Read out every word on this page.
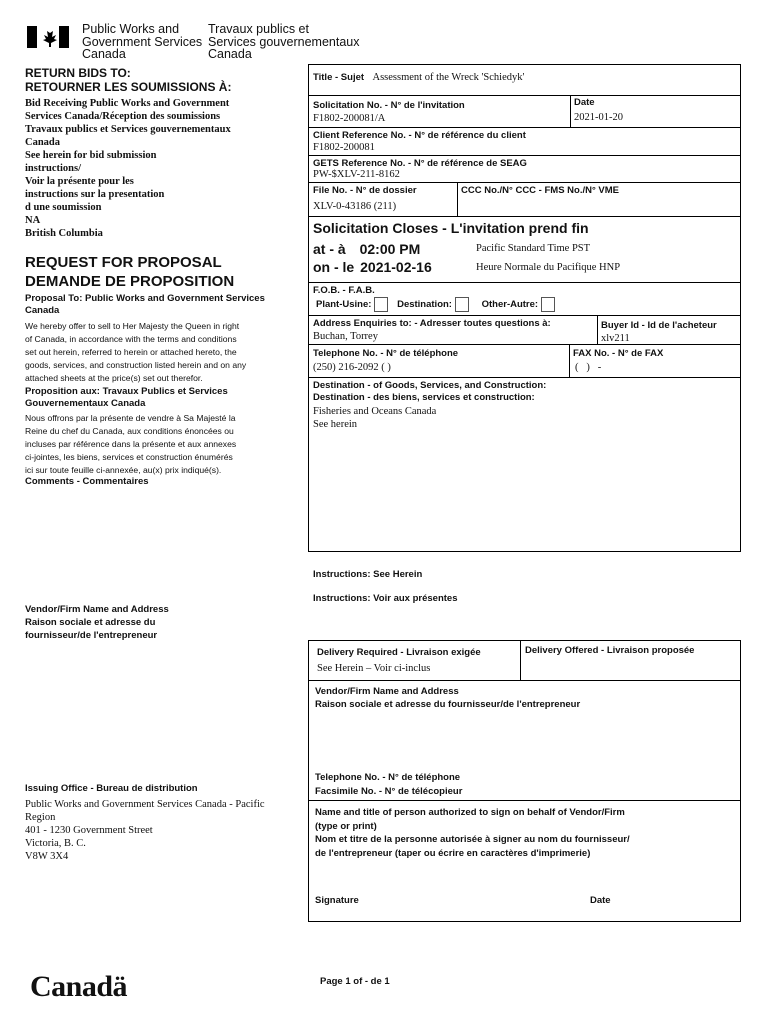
Public Works and
Government Services
Canada
Travaux publics et
Services gouvernementaux
Canada
RETURN BIDS TO:
RETOURNER LES SOUMISSIONS À:
Bid Receiving Public Works and Government
Services Canada/Réception des soumissions
Travaux publics et Services gouvernementaux
Canada
See herein for bid submission
instructions/
Voir la présente pour les
instructions sur la presentation
d une soumission
NA
British Columbia
REQUEST FOR PROPOSAL
DEMANDE DE PROPOSITION
Proposal To: Public Works and Government Services Canada
We hereby offer to sell to Her Majesty the Queen in right
of Canada, in accordance with the terms and conditions
set out herein, referred to herein or attached hereto, the
goods, services, and construction listed herein and on any
attached sheets at the price(s) set out therefor.
Proposition aux: Travaux Publics et Services Gouvernementaux Canada
Nous offrons par la présente de vendre à Sa Majesté la
Reine du chef du Canada, aux conditions énoncées ou
incluses par référence dans la présente et aux annexes
ci-jointes, les biens, services et construction énumérés
ici sur toute feuille ci-annexée, au(x) prix indiqué(s).
Comments - Commentaires
Vendor/Firm Name and Address
Raison sociale et adresse du
fournisseur/de l'entrepreneur
Issuing Office - Bureau de distribution
Public Works and Government Services Canada - Pacific
Region
401 - 1230 Government Street
Victoria, B. C.
V8W 3X4
Title - Sujet Assessment of the Wreck 'Schiedyk'
Solicitation No. - N° de l'invitation
F1802-200081/A
Date
2021-01-20
Client Reference No. - N° de référence du client
F1802-200081
GETS Reference No. - N° de référence de SEAG
PW-$XLV-211-8162
File No. - N° de dossier
XLV-0-43186 (211)
CCC No./N° CCC - FMS No./N° VME
Solicitation Closes - L'invitation prend fin
at - à 02:00 PM
on - le 2021-02-16
Pacific Standard Time PST
Heure Normale du Pacifique HNP
F.O.B. - F.A.B.
Plant-Usine:	Destination:	Other-Autre:
Address Enquiries to: - Adresser toutes questions à:
Buchan, Torrey
Buyer Id - Id de l'acheteur
xlv211
Telephone No. - N° de téléphone
(250) 216-2092 ( )
FAX No. - N° de FAX
(   )   -
Destination - of Goods, Services, and Construction:
Destination - des biens, services et construction:
Fisheries and Oceans Canada
See herein
Instructions: See Herein
Instructions: Voir aux présentes
Delivery Required - Livraison exigée
See Herein – Voir ci-inclus
Delivery Offered - Livraison proposée
Vendor/Firm Name and Address
Raison sociale et adresse du fournisseur/de l'entrepreneur
Telephone No. - N° de téléphone
Facsimile No. - N° de télécopieur
Name and title of person authorized to sign on behalf of Vendor/Firm
(type or print)
Nom et titre de la personne autorisée à signer au nom du fournisseur/
de l'entrepreneur (taper ou écrire en caractères d'imprimerie)
Signature	Date
Canadä	Page 1 of - de 1
